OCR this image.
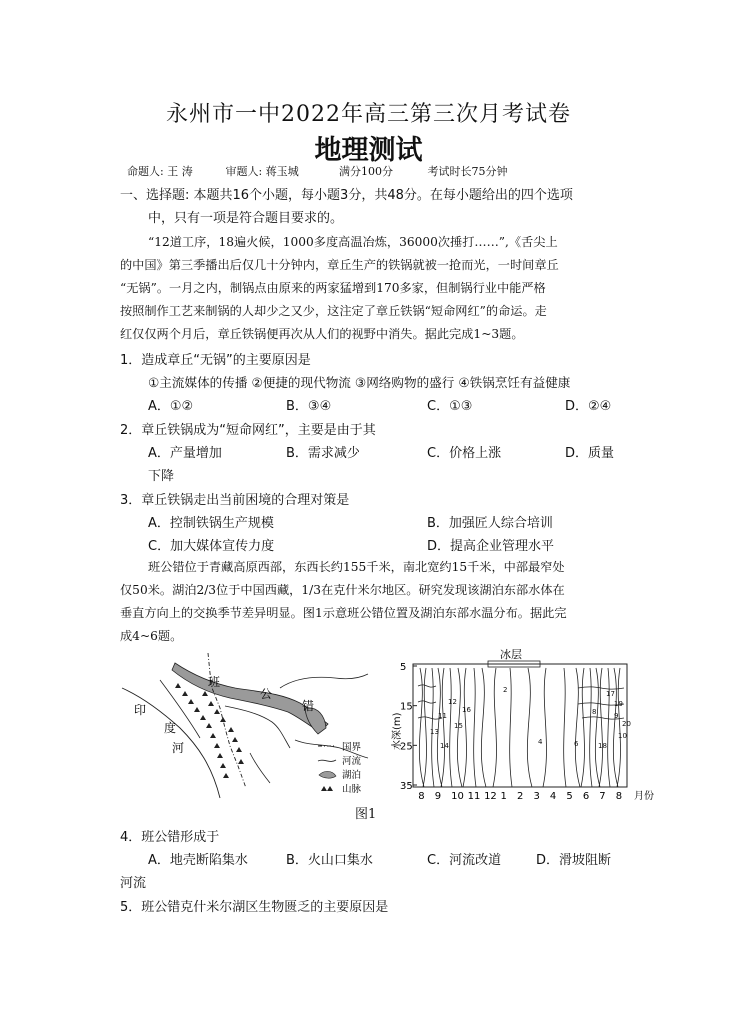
永州市一中2022年高三第三次月考试卷
地理测试
命题人: 王 涛	审题人: 蒋玉城	满分100分	考试时长75分钟
一、选择题: 本题共16个小题，每小题3分，共48分。在每小题给出的四个选项
中，只有一项是符合题目要求的。
“12道工序，18遍火候，1000多度高温冶炼，36000次捶打……”,《舌尖上
的中国》第三季播出后仅几十分钟内，章丘生产的铁锅就被一抢而光，一时间章丘
“无锅”。一月之内，制锅点由原来的两家猛增到170多家，但制锅行业中能严格
按照制作工艺来制锅的人却少之又少，这注定了章丘铁锅“短命网红”的命运。走
红仅仅两个月后，章丘铁锅便再次从人们的视野中消失。据此完成1~3题。
1．造成章丘“无锅”的主要原因是
①主流媒体的传播 ②便捷的现代物流 ③网络购物的盛行 ④铁锅烹饪有益健康
A．①②	B．③④	C．①③	D．②④
2．章丘铁锅成为“短命网红”，主要是由于其
A．产量增加	B．需求减少	C．价格上涨	D．质量
下降
3．章丘铁锅走出当前困境的合理对策是
A．控制铁锅生产规模	B．加强匠人综合培训
C．加大媒体宣传力度	D．提高企业管理水平
班公错位于青藏高原西部，东西长约155千米，南北宽约15千米，中部最窄处
仅50米。湖泊2/3位于中国西藏，1/3在克什米尔地区。研究发现该湖泊东部水体在
垂直方向上的交换季节差异明显。图1示意班公错位置及湖泊东部水温分布。据此完
成4~6题。
班
公
错
印
度
河	国界
河流
湖泊
山脉
冰层
水深(m)
5
15
25
35
8 9 10 11 12 1 2 3 4 5 6 7 8
2
4	6
8	9
10
11
12
13
14
15
16
17
18
19
20
月份
图1
4．班公错形成于
A．地壳断陷集水	B．火山口集水	C．河流改道	D．滑坡阻断
河流
5．班公错克什米尔湖区生物匮乏的主要原因是
